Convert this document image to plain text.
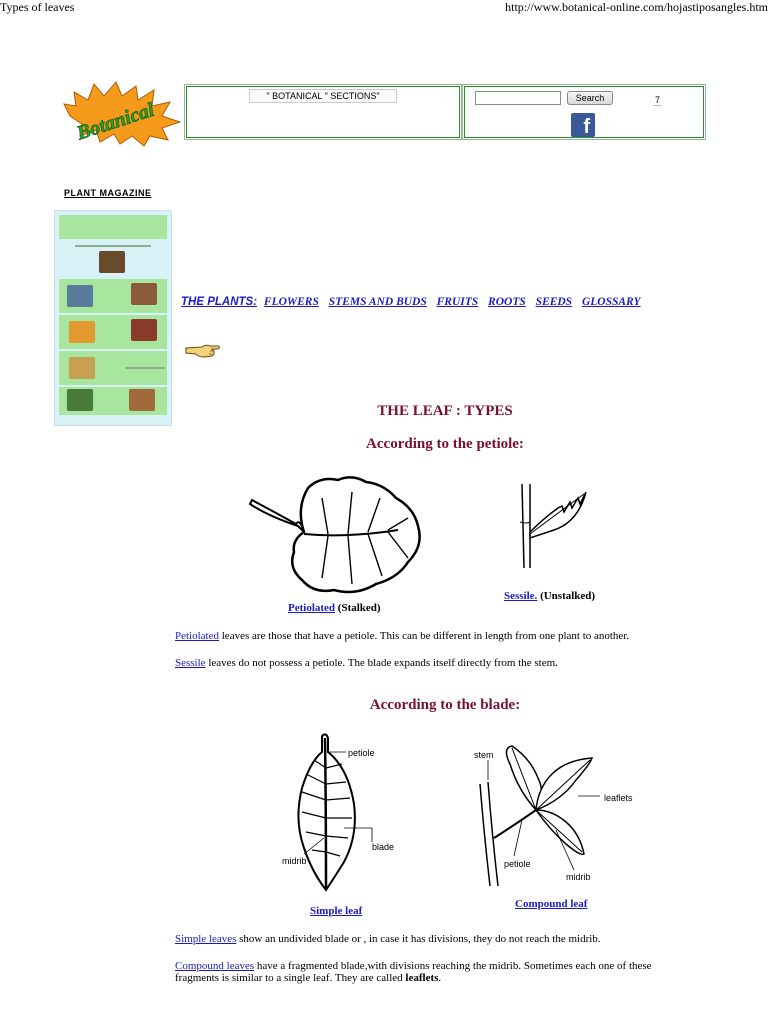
Types of leaves	http://www.botanical-online.com/hojastiposangles.htm
Botanical
" BOTANICAL " SECTIONS"	Search	7
f
PLANT MAGAZINE
THE PLANTS: FLOWERS STEMS AND BUDS FRUITS ROOTS SEEDS GLOSSARY
THE LEAF : TYPES
According to the petiole:
Petiolated (Stalked)
Sessile. (Unstalked)
Petiolated leaves are those that have a petiole. This can be different in length from one plant to another.
Sessile leaves do not possess a petiole. The blade expands itself directly from the stem.
According to the blade:
petiole
blade
midrib
Simple leaf
stem
leaflets
petiole
midrib
Compound leaf
Simple leaves show an undivided blade or , in case it has divisions, they do not reach the midrib.
Compound leaves have a fragmented blade,with divisions reaching the midrib. Sometimes each one of these fragments is similar to a single leaf. They are called leaflets.
